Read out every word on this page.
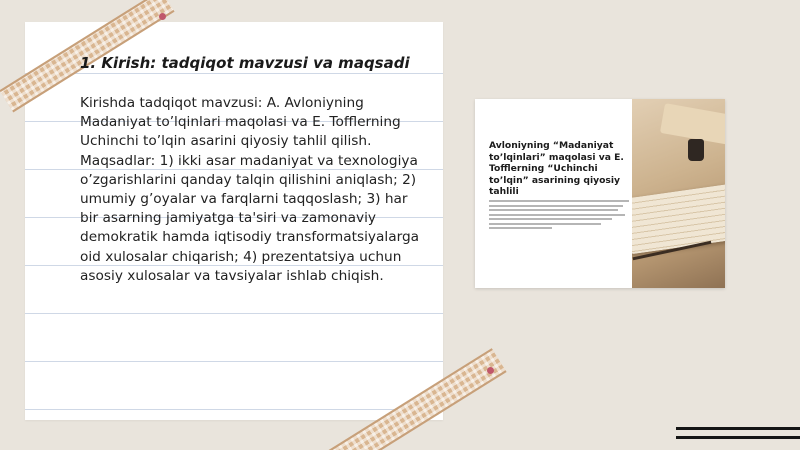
1. Kirish: tadqiqot mavzusi va maqsadi
Kirishda tadqiqot mavzusi: A. Avloniyning Madaniyat to’lqinlari maqolasi va E. Tofflerning Uchinchi to’lqin asarini qiyosiy tahlil qilish. Maqsadlar: 1) ikki asar madaniyat va texnologiya o’zgarishlarini qanday talqin qilishini aniqlash; 2) umumiy g’oyalar va farqlarni taqqoslash; 3) har bir asarning jamiyatga ta'siri va zamonaviy demokratik hamda iqtisodiy transformatsiyalarga oid xulosalar chiqarish; 4) prezentatsiya uchun asosiy xulosalar va tavsiyalar ishlab chiqish.
Avloniyning “Madaniyat to’lqinlari” maqolasi va E. Tofflerning “Uchinchi to’lqin” asarining qiyosiy tahlili
